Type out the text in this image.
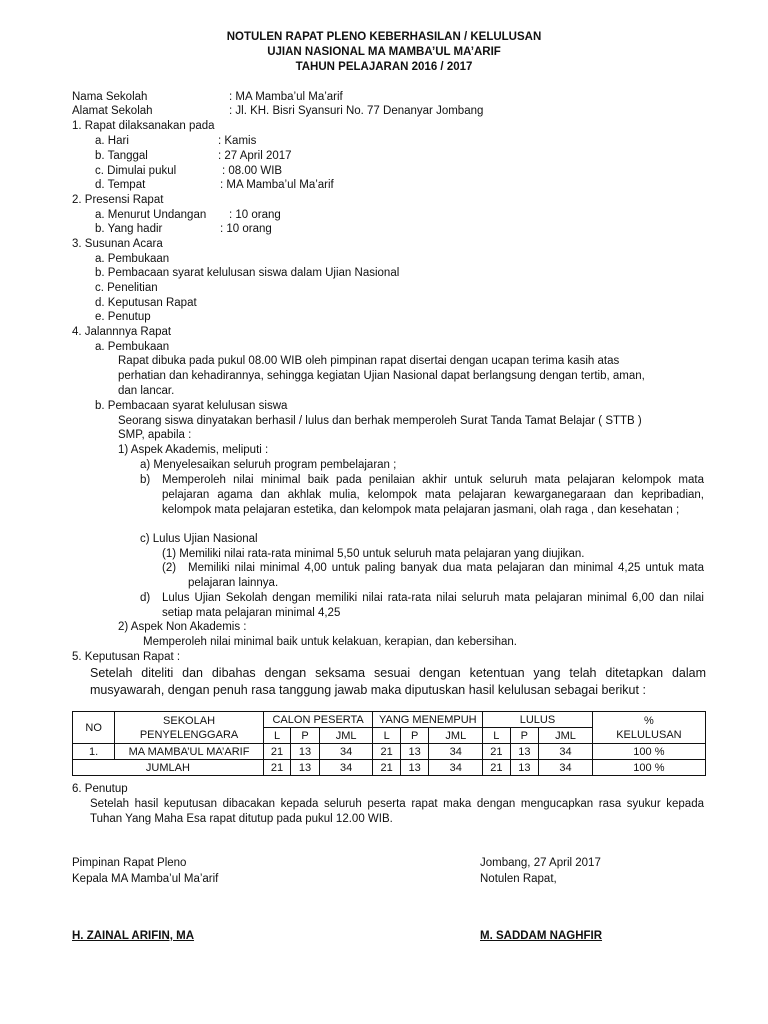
NOTULEN RAPAT PLENO KEBERHASILAN / KELULUSAN
UJIAN NASIONAL MA MAMBA’UL MA’ARIF
TAHUN PELAJARAN 2016 / 2017
Nama Sekolah	: MA Mamba’ul Ma’arif
Alamat Sekolah	: Jl. KH. Bisri Syansuri No. 77 Denanyar Jombang
1. Rapat dilaksanakan pada
a. Hari	: Kamis
b. Tanggal	: 27 April 2017
c. Dimulai pukul	: 08.00 WIB
d. Tempat	: MA Mamba’ul Ma’arif
2. Presensi Rapat
a. Menurut Undangan : 10 orang
b. Yang hadir	: 10 orang
3. Susunan Acara
a. Pembukaan
b. Pembacaan syarat kelulusan siswa dalam Ujian Nasional
c. Penelitian
d. Keputusan Rapat
e. Penutup
4. Jalannnya Rapat
a. Pembukaan
Rapat dibuka pada pukul 08.00 WIB oleh pimpinan rapat disertai dengan ucapan terima kasih atas
perhatian dan kehadirannya, sehingga kegiatan Ujian Nasional dapat berlangsung dengan tertib, aman,
dan lancar.
b. Pembacaan syarat kelulusan siswa
Seorang siswa dinyatakan berhasil / lulus dan berhak memperoleh Surat Tanda Tamat Belajar ( STTB )
SMP, apabila :
1) Aspek Akademis, meliputi :
a) Menyelesaikan seluruh program pembelajaran ;
b) Memperoleh nilai minimal baik pada penilaian akhir untuk seluruh mata pelajaran kelompok mata pelajaran agama dan akhlak mulia, kelompok mata pelajaran kewarganegaraan dan kepribadian, kelompok mata pelajaran estetika, dan kelompok mata pelajaran jasmani, olah raga , dan kesehatan ;
c) Lulus Ujian Nasional
(1) Memiliki nilai rata-rata minimal 5,50 untuk seluruh mata pelajaran yang diujikan.
(2) Memiliki nilai minimal 4,00 untuk paling banyak dua mata pelajaran dan minimal 4,25 untuk mata pelajaran lainnya.
d) Lulus Ujian Sekolah dengan memiliki nilai rata-rata nilai seluruh mata pelajaran minimal 6,00 dan nilai setiap mata pelajaran minimal 4,25
2) Aspek Non Akademis :
Memperoleh nilai minimal baik untuk kelakuan, kerapian, dan kebersihan.
5. Keputusan Rapat :
Setelah diteliti dan dibahas dengan seksama sesuai dengan ketentuan yang telah ditetapkan dalam musyawarah, dengan penuh rasa tanggung jawab maka diputuskan hasil kelulusan sebagai berikut :
NO	SEKOLAH PENYELENGGARA	CALON PESERTA			YANG MENEMPUH			LULUS			%
KELULUSAN

		L	P	JML	L	P	JML	L	P	JML	
1.	MA MAMBA’UL MA’ARIF	21	13	34	21	13	34	21	13	34	100 %
JUMLAH		21	13	34	21	13	34	21	13	34	100 %
6. Penutup
Setelah hasil keputusan dibacakan kepada seluruh peserta rapat maka dengan mengucapkan rasa syukur kepada Tuhan Yang Maha Esa rapat ditutup pada pukul 12.00 WIB.
Pimpinan Rapat Pleno
Kepala MA Mamba’ul Ma’arif
H. ZAINAL ARIFIN, MA
Jombang, 27 April 2017
Notulen Rapat,
M. SADDAM NAGHFIR
